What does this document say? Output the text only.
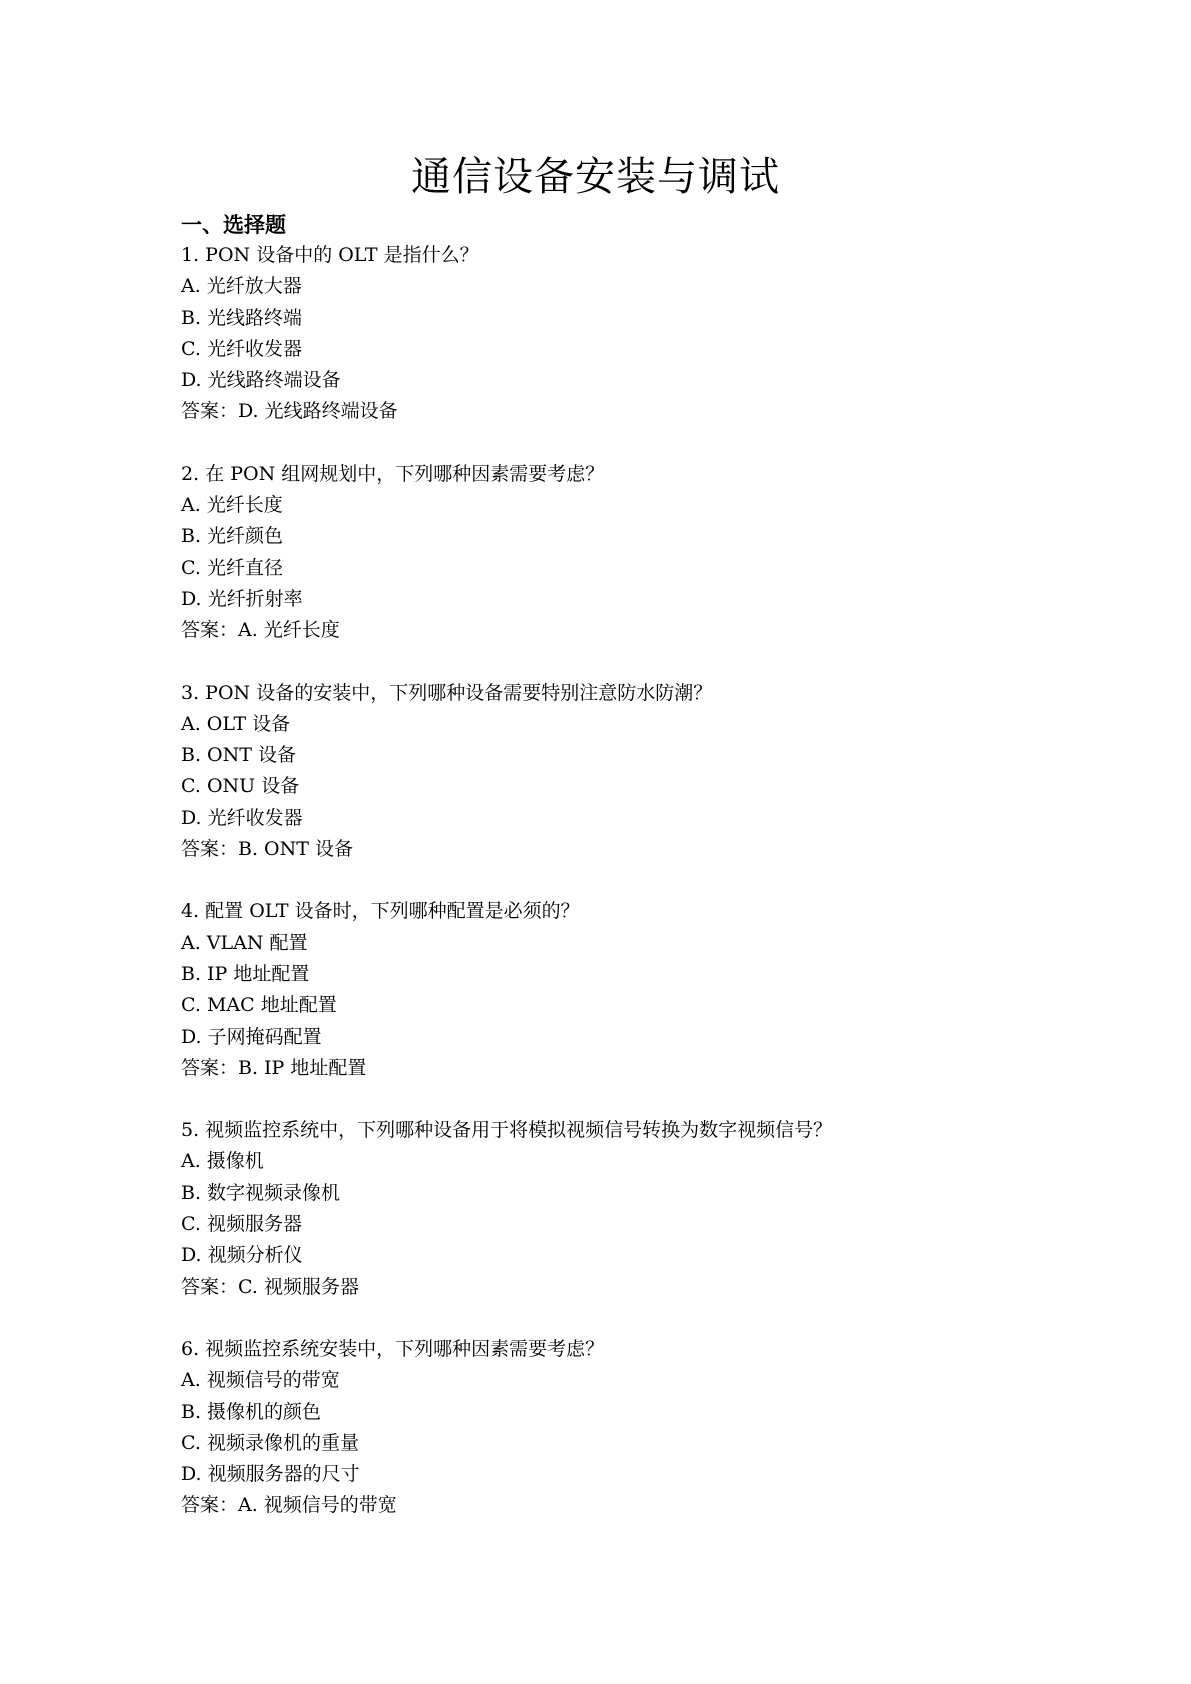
通信设备安装与调试
一、选择题
1. PON 设备中的 OLT 是指什么？
A. 光纤放大器
B. 光线路终端
C. 光纤收发器
D. 光线路终端设备
答案：D. 光线路终端设备
2. 在 PON 组网规划中，下列哪种因素需要考虑？
A. 光纤长度
B. 光纤颜色
C. 光纤直径
D. 光纤折射率
答案：A. 光纤长度
3. PON 设备的安装中，下列哪种设备需要特别注意防水防潮？
A. OLT 设备
B. ONT 设备
C. ONU 设备
D. 光纤收发器
答案：B. ONT 设备
4. 配置 OLT 设备时，下列哪种配置是必须的？
A. VLAN 配置
B. IP 地址配置
C. MAC 地址配置
D. 子网掩码配置
答案：B. IP 地址配置
5. 视频监控系统中，下列哪种设备用于将模拟视频信号转换为数字视频信号？
A. 摄像机
B. 数字视频录像机
C. 视频服务器
D. 视频分析仪
答案：C. 视频服务器
6. 视频监控系统安装中，下列哪种因素需要考虑？
A. 视频信号的带宽
B. 摄像机的颜色
C. 视频录像机的重量
D. 视频服务器的尺寸
答案：A. 视频信号的带宽
